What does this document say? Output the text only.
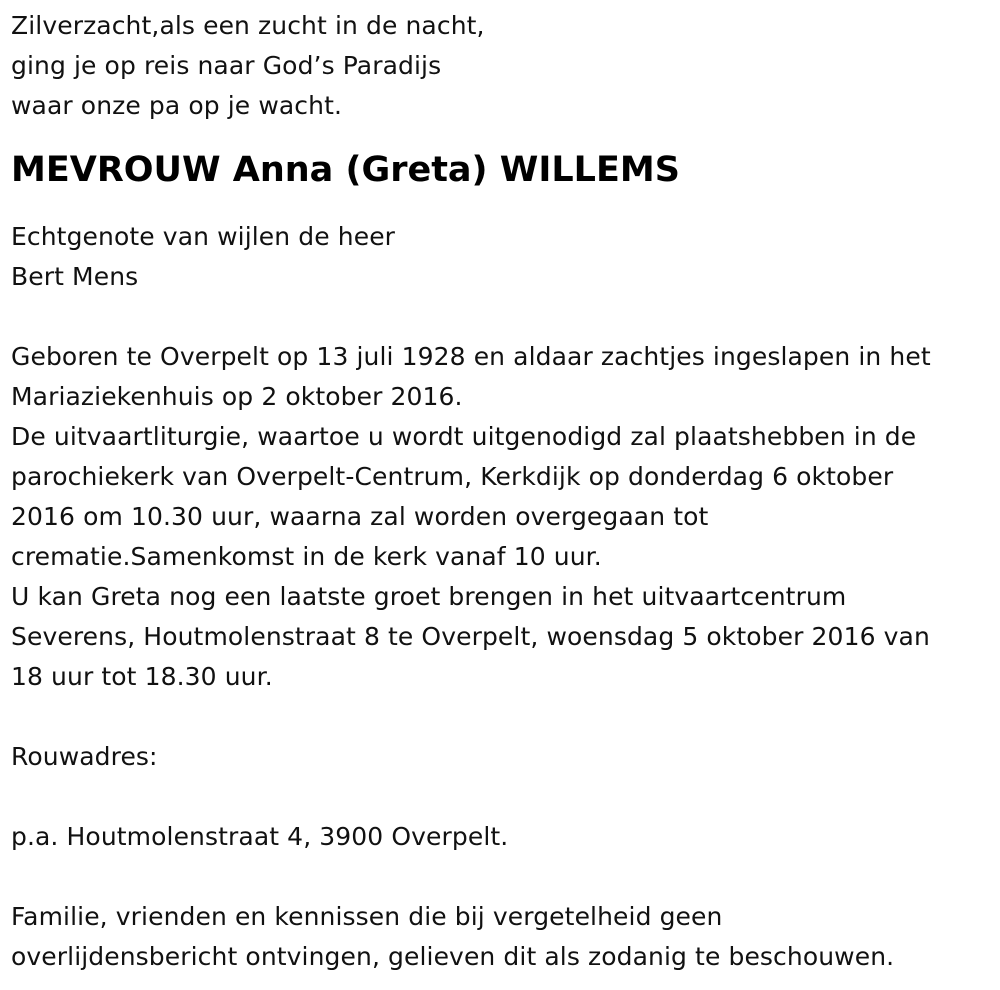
Zilverzacht,als een zucht in de nacht,
ging je op reis naar God’s Paradijs
waar onze pa op je wacht.
MEVROUW Anna (Greta) WILLEMS
Echtgenote van wijlen de heer
Bert Mens
Geboren te Overpelt op 13 juli 1928 en aldaar zachtjes ingeslapen in het
Mariaziekenhuis op 2 oktober 2016.
De uitvaartliturgie, waartoe u wordt uitgenodigd zal plaatshebben in de
parochiekerk van Overpelt-Centrum, Kerkdijk op donderdag 6 oktober
2016 om 10.30 uur, waarna zal worden overgegaan tot
crematie.Samenkomst in de kerk vanaf 10 uur.
U kan Greta nog een laatste groet brengen in het uitvaartcentrum
Severens, Houtmolenstraat 8 te Overpelt, woensdag 5 oktober 2016 van
18 uur tot 18.30 uur.
Rouwadres:
p.a. Houtmolenstraat 4, 3900 Overpelt.
Familie, vrienden en kennissen die bij vergetelheid geen
overlijdensbericht ontvingen, gelieven dit als zodanig te beschouwen.
